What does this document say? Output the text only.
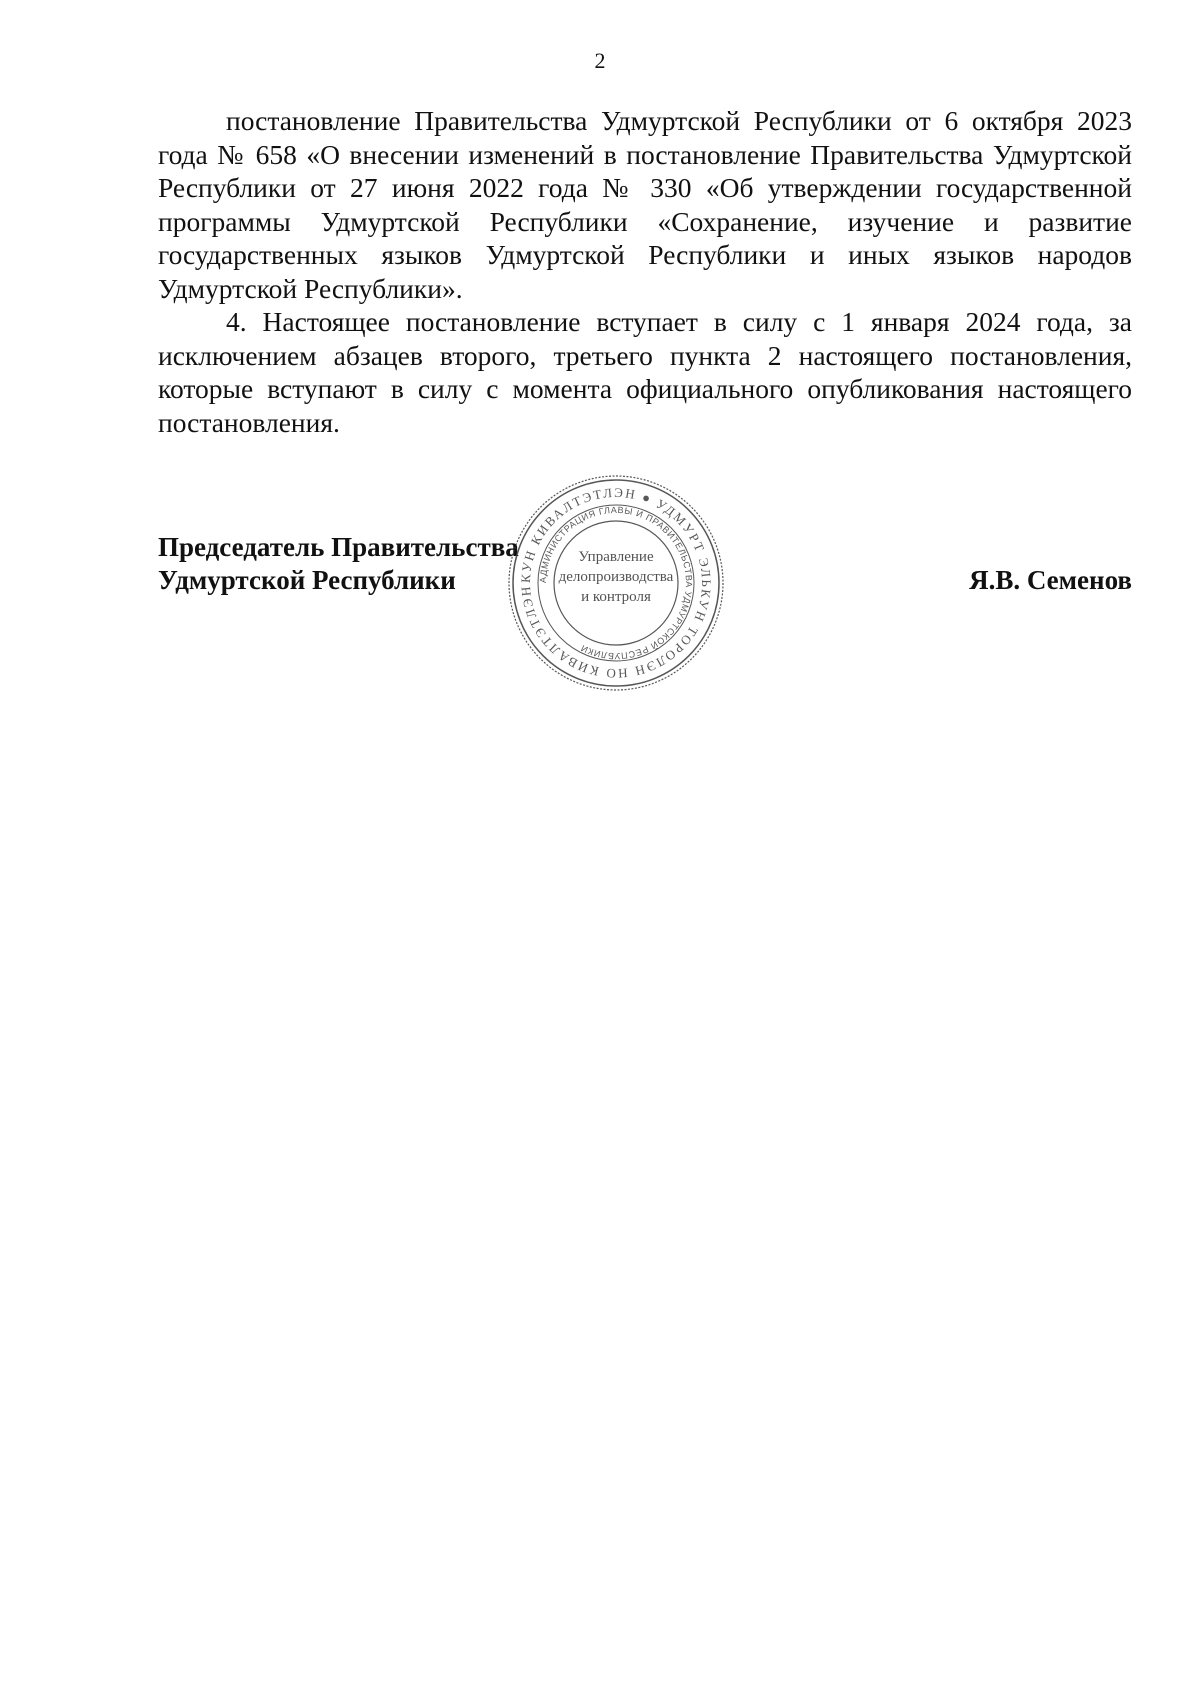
2

постановление Правительства Удмуртской Республики от 6 октября 2023 года № 658 «О внесении изменений в постановление Правительства Удмуртской Республики от 27 июня 2022 года № 330 «Об утверждении государственной программы Удмуртской Республики «Сохранение, изучение и развитие государственных языков Удмуртской Республики и иных языков народов Удмуртской Республики».

4. Настоящее постановление вступает в силу с 1 января 2024 года, за исключением абзацев второго, третьего пункта 2 настоящего постановления, которые вступают в силу с момента официального опубликования настоящего постановления.

Председатель Правительства
Удмуртской Республики	Я.В. Семенов
КУН КИВАЛТЭТЛЭН ● УДМУРТ ЭЛЬКУН ТОРОЛЭН НО КИВАЛТЭТЛЭН
АДМИНИСТРАЦИЯ ГЛАВЫ И ПРАВИТЕЛЬСТВА УДМУРТСКОЙ РЕСПУБЛИКИ
Управление
делопроизводства
и контроля
